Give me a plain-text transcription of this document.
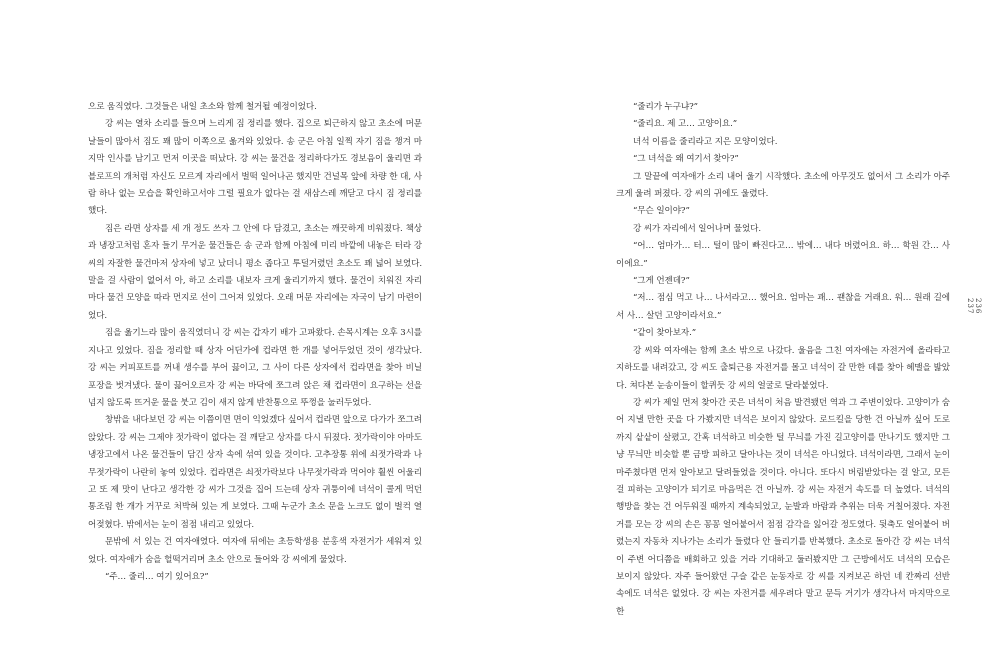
으로 움직였다. 그것들은 내일 초소와 함께 철거될 예정이었다.

강 씨는 열차 소리를 들으며 느리게 짐 정리를 했다. 집으로 퇴근하지 않고 초소에 머문 날들이 많아서 짐도 꽤 많이 이쪽으로 옮겨와 있었다. 송 군은 아침 일찍 자기 짐을 챙겨 마지막 인사를 남기고 먼저 이곳을 떠났다. 강 씨는 물건을 정리하다가도 경보음이 울리면 과블로프의 개처럼 자신도 모르게 자리에서 벌떡 일어나곤 했지만 건널목 앞에 차량 한 대, 사람 하나 없는 모습을 확인하고서야 그럴 필요가 없다는 걸 새삼스레 깨닫고 다시 짐 정리를 했다.

짐은 라면 상자를 세 개 정도 쓰자 그 안에 다 담겼고, 초소는 깨끗하게 비워졌다. 책상과 냉장고처럼 혼자 들기 무거운 물건들은 송 군과 함께 아침에 미리 바깥에 내놓은 터라 강 씨의 자잘한 물건마저 상자에 넣고 났더니 평소 좁다고 투덜거렸던 초소도 꽤 넓어 보였다. 말을 걸 사람이 없어서 아, 하고 소리를 내보자 크게 울리기까지 했다. 물건이 치워진 자리마다 물건 모양을 따라 먼지로 선이 그어져 있었다. 오래 머문 자리에는 자국이 남기 마련이었다.

짐을 옮기느라 많이 움직였더니 강 씨는 갑자기 배가 고파왔다. 손목시계는 오후 3시를 지나고 있었다. 짐을 정리할 때 상자 어딘가에 컵라면 한 개를 넣어두었던 것이 생각났다. 강 씨는 커피포트를 꺼내 생수를 부어 끓이고, 그 사이 다른 상자에서 컵라면을 찾아 비닐 포장을 벗겨냈다. 물이 끓어오르자 강 씨는 바닥에 쪼그려 앉은 채 컵라면이 요구하는 선을 넘지 않도록 뜨거운 물을 붓고 김이 새지 않게 반찬통으로 뚜껑을 눌러두었다.

창밖을 내다보던 강 씨는 이쯤이면 면이 익었겠다 싶어서 컵라면 앞으로 다가가 쪼그려 앉았다. 강 씨는 그제야 젓가락이 없다는 걸 깨닫고 상자를 다시 뒤졌다. 젓가락이야 아마도 냉장고에서 나온 물건들이 담긴 상자 속에 섞여 있을 것이다. 고추장통 위에 쇠젓가락과 나무젓가락이 나란히 놓여 있었다. 컵라면은 쇠젓가락보다 나무젓가락과 먹어야 훨씬 어울리고 또 제 맛이 난다고 생각한 강 씨가 그것을 집어 드는데 상자 귀퉁이에 녀석이 콜게 먹던 통조림 한 개가 거꾸로 처박혀 있는 게 보였다. 그때 누군가 초소 문을 노크도 없이 벌컥 열어젖혔다. 밖에서는 눈이 점점 내리고 있었다.

문밖에 서 있는 건 여자애였다. 여자애 뒤에는 초등학생용 분홍색 자전거가 세워져 있었다. 여자애가 숨을 헐떡거리며 초소 안으로 들어와 강 씨에게 물었다.

“주… 줄리… 여기 있어요?”

“줄리가 누구냐?”

“줄리요. 제 고… 고양이요.”

녀석 이름을 줄리라고 지은 모양이었다.

“그 녀석을 왜 여기서 찾아?”

그 말끝에 여자애가 소리 내어 울기 시작했다. 초소에 아무것도 없어서 그 소리가 아주 크게 울려 퍼졌다. 강 씨의 귀에도 울렸다.

“무슨 일이야?”

강 씨가 자리에서 일어나며 물었다.

“어… 엄마가… 터… 털이 많이 빠진다고… 밖에… 내다 버렸어요. 하… 학원 간… 사이에요.”

“그게 언젠데?”

“저… 점심 먹고 나… 나서라고… 했어요. 엄마는 괘… 괜찮을 거래요. 워… 원래 길에서 사… 살던 고양이라서요.”

“같이 찾아보자.”

강 씨와 여자애는 함께 초소 밖으로 나갔다. 울음을 그친 여자애는 자전거에 올라타고 지하도를 내려갔고, 강 씨도 출퇴근용 자전거를 몰고 녀석이 갈 만한 데를 찾아 헤맬을 밟았다. 쳐다본 눈송이들이 할퀴듯 강 씨의 얼굴로 달라붙었다.

강 씨가 제일 먼저 찾아간 곳은 녀석이 처음 발견됐던 역과 그 주변이었다. 고양이가 숨어 지낼 만한 곳을 다 가봤지만 녀석은 보이지 않았다. 로드킬을 당한 건 아닐까 싶어 도로까지 샅샅이 살폈고, 간혹 녀석하고 비슷한 털 무늬를 가진 길고양이를 만나기도 했지만 그냥 무늬만 비슷할 뿐 금방 피하고 달아나는 것이 녀석은 아니었다. 녀석이라면, 그래서 눈이 마주쳤다면 먼저 알아보고 달려들었을 것이다. 아니다. 또다시 버림받았다는 걸 알고, 모든 걸 피하는 고양이가 되기로 마음먹은 건 아닐까. 강 씨는 자전거 속도를 더 높였다. 녀석의 행방을 찾는 건 어두워질 때까지 계속되었고, 눈발과 바람과 추위는 더욱 거칠어졌다. 자전거를 모는 강 씨의 손은 꽁꽁 얼어붙어서 점점 감각을 잃어갈 정도였다. 뒷축도 얼어붙어 버렸는지 자동차 지나가는 소리가 들렸다 안 들리기를 반복했다. 초소로 돌아간 강 씨는 녀석이 주변 어디쯤을 배회하고 있을 거라 기대하고 둘러봤지만 그 근방에서도 녀석의 모습은 보이지 않았다. 자주 들어왔던 구슬 같은 눈동자로 강 씨를 지켜보곤 하던 네 칸짜리 선반 속에도 녀석은 없었다. 강 씨는 자전거를 세우려다 말고 문득 거기가 생각나서 마지막으로 한

236
237
